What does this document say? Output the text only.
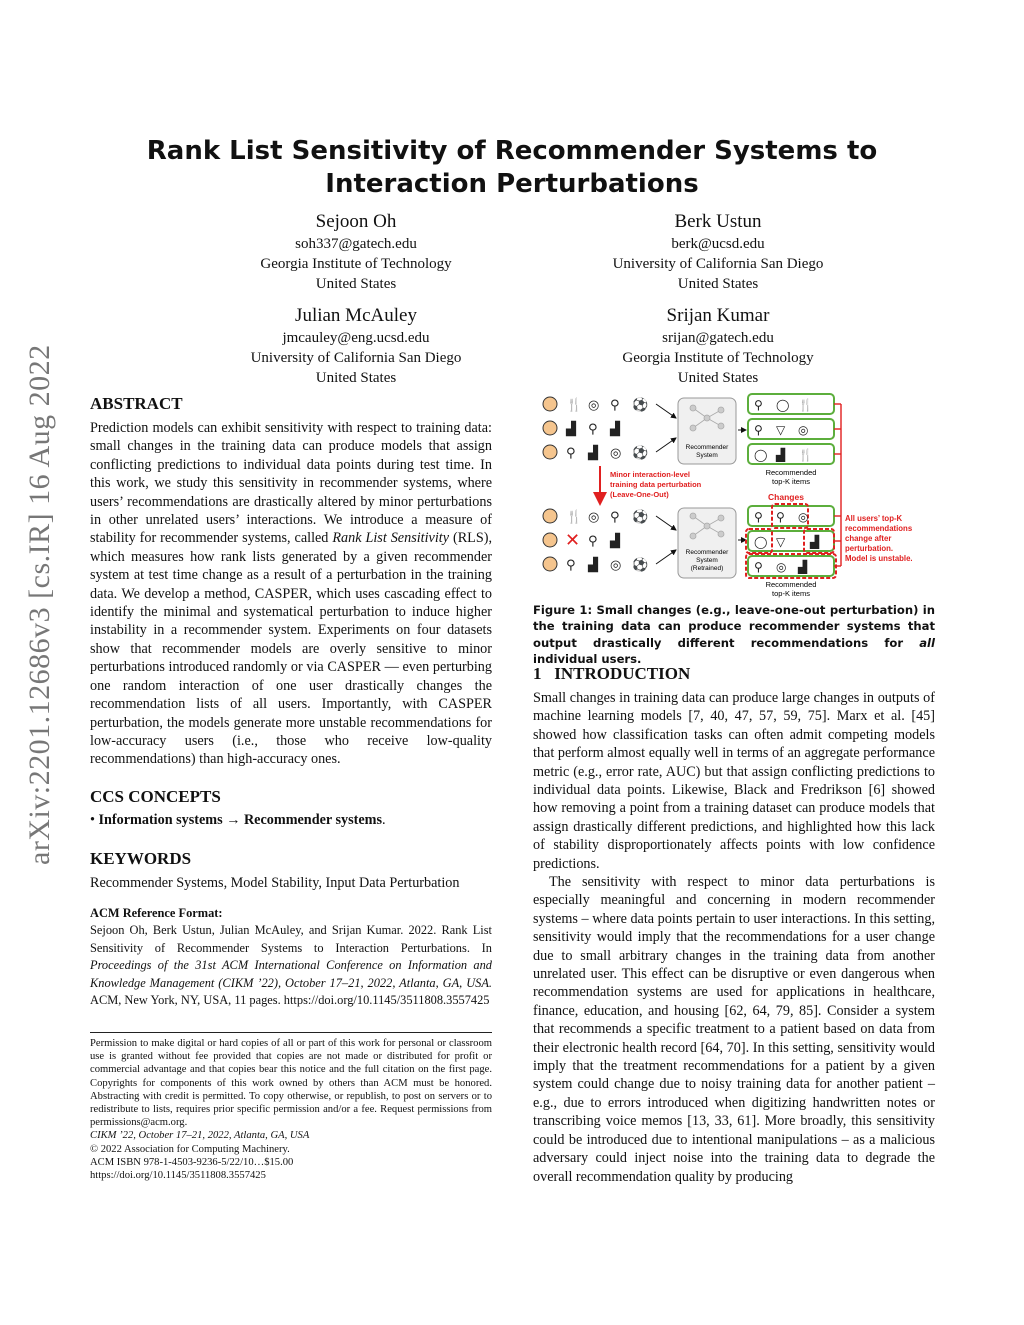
arXiv:2201.12686v3 [cs.IR] 16 Aug 2022
Rank List Sensitivity of Recommender Systems to
Interaction Perturbations
Sejoon Oh
soh337@gatech.edu
Georgia Institute of Technology
United States
Berk Ustun
berk@ucsd.edu
University of California San Diego
United States
Julian McAuley
jmcauley@eng.ucsd.edu
University of California San Diego
United States
Srijan Kumar
srijan@gatech.edu
Georgia Institute of Technology
United States
ABSTRACT
Prediction models can exhibit sensitivity with respect to training data: small changes in the training data can produce models that assign conflicting predictions to individual data points during test time. In this work, we study this sensitivity in recommender systems, where users’ recommendations are drastically altered by minor perturbations in other unrelated users’ interactions. We introduce a measure of stability for recommender systems, called Rank List Sensitivity (RLS), which measures how rank lists generated by a given recommender system at test time change as a result of a perturbation in the training data. We develop a method, CASPER, which uses cascading effect to identify the minimal and systematical perturbation to induce higher instability in a recommender system. Experiments on four datasets show that recommender models are overly sensitive to minor perturbations introduced randomly or via CASPER — even perturbing one random interaction of one user drastically changes the recommendation lists of all users. Importantly, with CASPER perturbation, the models generate more unstable recommendations for low-accuracy users (i.e., those who receive low-quality recommendations) than high-accuracy ones.
CCS CONCEPTS
• Information systems → Recommender systems.
KEYWORDS
Recommender Systems, Model Stability, Input Data Perturbation
ACM Reference Format:
Sejoon Oh, Berk Ustun, Julian McAuley, and Srijan Kumar. 2022. Rank List Sensitivity of Recommender Systems to Interaction Perturbations. In Proceedings of the 31st ACM International Conference on Information and Knowledge Management (CIKM ’22), October 17–21, 2022, Atlanta, GA, USA. ACM, New York, NY, USA, 11 pages. https://doi.org/10.1145/3511808.3557425
Permission to make digital or hard copies of all or part of this work for personal or classroom use is granted without fee provided that copies are not made or distributed for profit or commercial advantage and that copies bear this notice and the full citation on the first page. Copyrights for components of this work owned by others than ACM must be honored. Abstracting with credit is permitted. To copy otherwise, or republish, to post on servers or to redistribute to lists, requires prior specific permission and/or a fee. Request permissions from permissions@acm.org.
CIKM ’22, October 17–21, 2022, Atlanta, GA, USA
© 2022 Association for Computing Machinery.
ACM ISBN 978-1-4503-9236-5/22/10…$15.00
https://doi.org/10.1145/3511808.3557425
🍴 ◎ ⚲ ⚽
▟ ⚲ ▟
⚲ ▟ ◎ ⚽	Recommender
System
⚲ ◯ 🍴
⚲ ▽ ◎
◯ ▟ 🍴
Recommended
top-K items
Minor interaction-level
training data perturbation
(Leave-One-Out)	Changes
🍴 ◎ ⚲ ⚽
⚲ ▟
⚲ ▟ ◎ ⚽
✕
Recommender
System
(Retrained)
⚲ ⚲ ◎
◯ ▽ ▟
⚲ ◎ ▟
Recommended
top-K items
All users’ top-K
recommendations
change after
perturbation.
Model is unstable.
Figure 1: Small changes (e.g., leave-one-out perturbation) in the training data can produce recommender systems that output drastically different recommendations for all individual users.
1 INTRODUCTION
Small changes in training data can produce large changes in outputs of machine learning models [7, 40, 47, 57, 59, 75]. Marx et al. [45] showed how classification tasks can often admit competing models that perform almost equally well in terms of an aggregate performance metric (e.g., error rate, AUC) but that assign conflicting predictions to individual data points. Likewise, Black and Fredrikson [6] showed how removing a point from a training dataset can produce models that assign drastically different predictions, and highlighted how this lack of stability disproportionately affects points with low confidence predictions.
The sensitivity with respect to minor data perturbations is especially meaningful and concerning in modern recommender systems – where data points pertain to user interactions. In this setting, sensitivity would imply that the recommendations for a user change due to small arbitrary changes in the training data from another unrelated user. This effect can be disruptive or even dangerous when recommendation systems are used for applications in healthcare, finance, education, and housing [62, 64, 79, 85]. Consider a system that recommends a specific treatment to a patient based on data from their electronic health record [64, 70]. In this setting, sensitivity would imply that the treatment recommendations for a patient by a given system could change due to noisy training data for another patient – e.g., due to errors introduced when digitizing handwritten notes or transcribing voice memos [13, 33, 61]. More broadly, this sensitivity could be introduced due to intentional manipulations – as a malicious adversary could inject noise into the training data to degrade the overall recommendation quality by producing
